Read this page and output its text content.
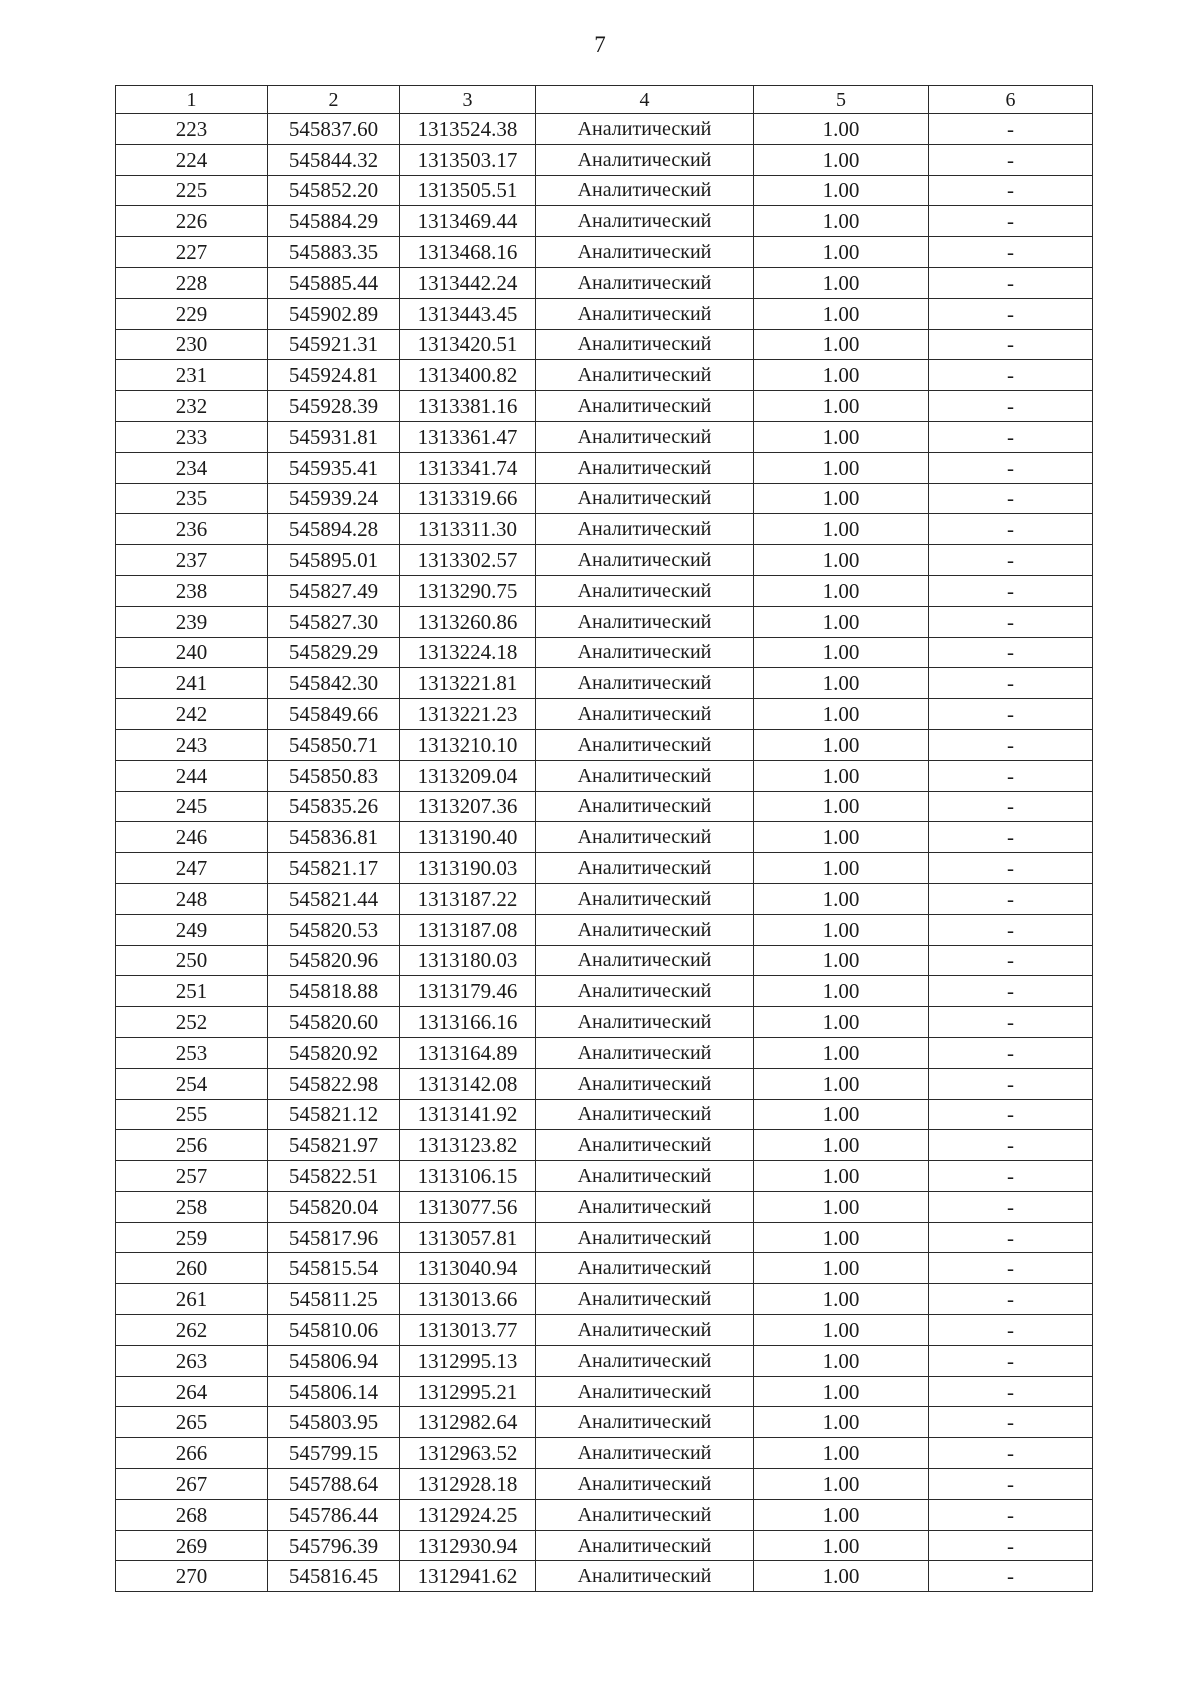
7
1	2	3	4	5	6
223	545837.60	1313524.38	Аналитический	1.00	-
224	545844.32	1313503.17	Аналитический	1.00	-
225	545852.20	1313505.51	Аналитический	1.00	-
226	545884.29	1313469.44	Аналитический	1.00	-
227	545883.35	1313468.16	Аналитический	1.00	-
228	545885.44	1313442.24	Аналитический	1.00	-
229	545902.89	1313443.45	Аналитический	1.00	-
230	545921.31	1313420.51	Аналитический	1.00	-
231	545924.81	1313400.82	Аналитический	1.00	-
232	545928.39	1313381.16	Аналитический	1.00	-
233	545931.81	1313361.47	Аналитический	1.00	-
234	545935.41	1313341.74	Аналитический	1.00	-
235	545939.24	1313319.66	Аналитический	1.00	-
236	545894.28	1313311.30	Аналитический	1.00	-
237	545895.01	1313302.57	Аналитический	1.00	-
238	545827.49	1313290.75	Аналитический	1.00	-
239	545827.30	1313260.86	Аналитический	1.00	-
240	545829.29	1313224.18	Аналитический	1.00	-
241	545842.30	1313221.81	Аналитический	1.00	-
242	545849.66	1313221.23	Аналитический	1.00	-
243	545850.71	1313210.10	Аналитический	1.00	-
244	545850.83	1313209.04	Аналитический	1.00	-
245	545835.26	1313207.36	Аналитический	1.00	-
246	545836.81	1313190.40	Аналитический	1.00	-
247	545821.17	1313190.03	Аналитический	1.00	-
248	545821.44	1313187.22	Аналитический	1.00	-
249	545820.53	1313187.08	Аналитический	1.00	-
250	545820.96	1313180.03	Аналитический	1.00	-
251	545818.88	1313179.46	Аналитический	1.00	-
252	545820.60	1313166.16	Аналитический	1.00	-
253	545820.92	1313164.89	Аналитический	1.00	-
254	545822.98	1313142.08	Аналитический	1.00	-
255	545821.12	1313141.92	Аналитический	1.00	-
256	545821.97	1313123.82	Аналитический	1.00	-
257	545822.51	1313106.15	Аналитический	1.00	-
258	545820.04	1313077.56	Аналитический	1.00	-
259	545817.96	1313057.81	Аналитический	1.00	-
260	545815.54	1313040.94	Аналитический	1.00	-
261	545811.25	1313013.66	Аналитический	1.00	-
262	545810.06	1313013.77	Аналитический	1.00	-
263	545806.94	1312995.13	Аналитический	1.00	-
264	545806.14	1312995.21	Аналитический	1.00	-
265	545803.95	1312982.64	Аналитический	1.00	-
266	545799.15	1312963.52	Аналитический	1.00	-
267	545788.64	1312928.18	Аналитический	1.00	-
268	545786.44	1312924.25	Аналитический	1.00	-
269	545796.39	1312930.94	Аналитический	1.00	-
270	545816.45	1312941.62	Аналитический	1.00	-
